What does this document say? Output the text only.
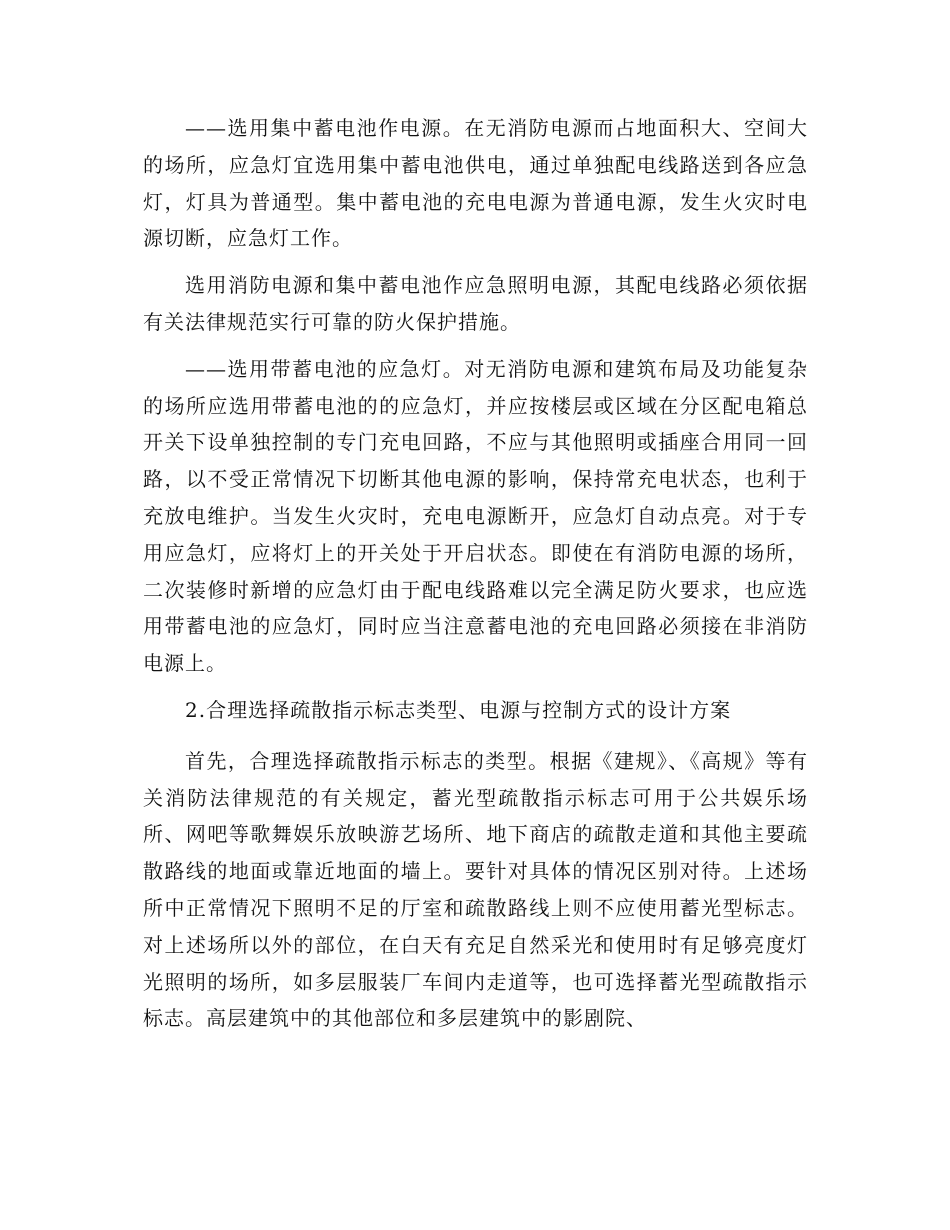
——选用集中蓄电池作电源。在无消防电源而占地面积大、空间大的场所，应急灯宜选用集中蓄电池供电，通过单独配电线路送到各应急灯，灯具为普通型。集中蓄电池的充电电源为普通电源，发生火灾时电源切断，应急灯工作。

选用消防电源和集中蓄电池作应急照明电源，其配电线路必须依据有关法律规范实行可靠的防火保护措施。

——选用带蓄电池的应急灯。对无消防电源和建筑布局及功能复杂的场所应选用带蓄电池的的应急灯，并应按楼层或区域在分区配电箱总开关下设单独控制的专门充电回路，不应与其他照明或插座合用同一回路，以不受正常情况下切断其他电源的影响，保持常充电状态，也利于充放电维护。当发生火灾时，充电电源断开，应急灯自动点亮。对于专用应急灯，应将灯上的开关处于开启状态。即使在有消防电源的场所，二次装修时新增的应急灯由于配电线路难以完全满足防火要求，也应选用带蓄电池的应急灯，同时应当注意蓄电池的充电回路必须接在非消防电源上。

2.合理选择疏散指示标志类型、电源与控制方式的设计方案

首先，合理选择疏散指示标志的类型。根据《建规》、《高规》等有关消防法律规范的有关规定，蓄光型疏散指示标志可用于公共娱乐场所、网吧等歌舞娱乐放映游艺场所、地下商店的疏散走道和其他主要疏散路线的地面或靠近地面的墙上。要针对具体的情况区别对待。上述场所中正常情况下照明不足的厅室和疏散路线上则不应使用蓄光型标志。对上述场所以外的部位，在白天有充足自然采光和使用时有足够亮度灯光照明的场所，如多层服装厂车间内走道等，也可选择蓄光型疏散指示标志。高层建筑中的其他部位和多层建筑中的影剧院、
